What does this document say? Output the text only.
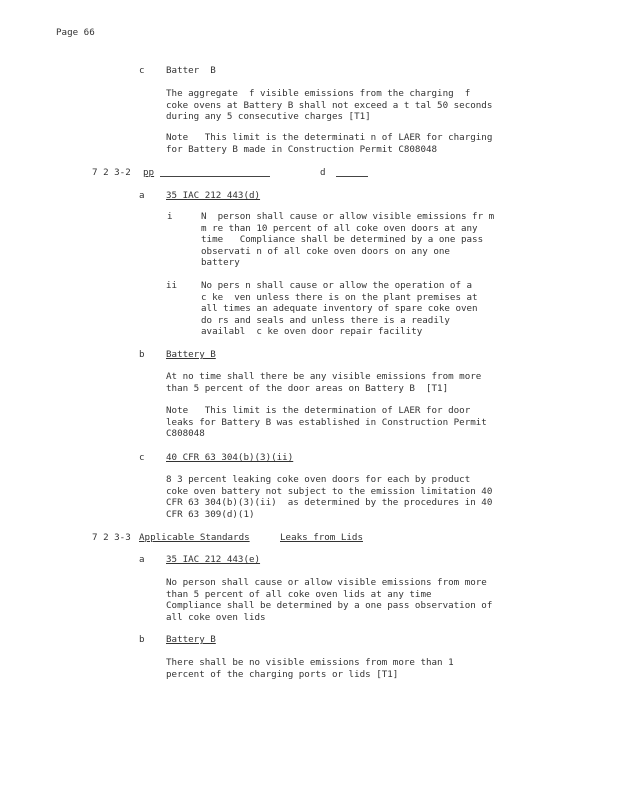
Page 66
c Batter  B
The aggregate  f visible emissions from the charging  f
coke ovens at Battery B shall not exceed a t tal 50 seconds
during any 5 consecutive charges [T1]
Note   This limit is the determinati n of LAER for charging
for Battery B made in Construction Permit C808048
7 2 3-2 pp	d
a 35 IAC 212 443(d)
i	N  person shall cause or allow visible emissions fr m
m re than 10 percent of all coke oven doors at any
time   Compliance shall be determined by a one pass
observati n of all coke oven doors on any one
battery
ii	No pers n shall cause or allow the operation of a
c ke  ven unless there is on the plant premises at
all times an adequate inventory of spare coke oven
do rs and seals and unless there is a readily
availabl  c ke oven door repair facility
b Battery B
At no time shall there be any visible emissions from more
than 5 percent of the door areas on Battery B  [T1]
Note   This limit is the determination of LAER for door
leaks for Battery B was established in Construction Permit
C808048
c 40 CFR 63 304(b)(3)(ii)
8 3 percent leaking coke oven doors for each by product
coke oven battery not subject to the emission limitation 40
CFR 63 304(b)(3)(ii)  as determined by the procedures in 40
CFR 63 309(d)(1)
7 2 3-3 Applicable Standards	Leaks from Lids
a 35 IAC 212 443(e)
No person shall cause or allow visible emissions from more
than 5 percent of all coke oven lids at any time
Compliance shall be determined by a one pass observation of
all coke oven lids
b Battery B
There shall be no visible emissions from more than 1
percent of the charging ports or lids [T1]
